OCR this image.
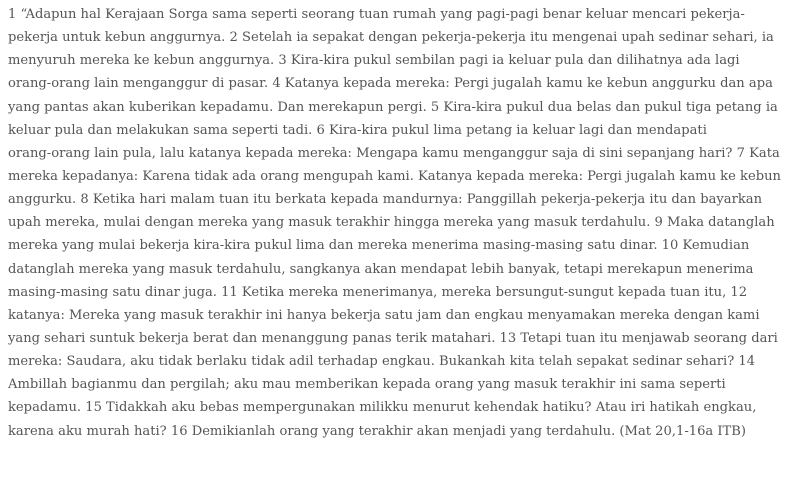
1 “Adapun hal Kerajaan Sorga sama seperti seorang tuan rumah yang pagi-pagi benar keluar mencari pekerja-
pekerja untuk kebun anggurnya. 2 Setelah ia sepakat dengan pekerja-pekerja itu mengenai upah sedinar sehari, ia
menyuruh mereka ke kebun anggurnya. 3 Kira-kira pukul sembilan pagi ia keluar pula dan dilihatnya ada lagi
orang-orang lain menganggur di pasar. 4 Katanya kepada mereka: Pergi jugalah kamu ke kebun anggurku dan apa
yang pantas akan kuberikan kepadamu. Dan merekapun pergi. 5 Kira-kira pukul dua belas dan pukul tiga petang ia
keluar pula dan melakukan sama seperti tadi. 6 Kira-kira pukul lima petang ia keluar lagi dan mendapati
orang-orang lain pula, lalu katanya kepada mereka: Mengapa kamu menganggur saja di sini sepanjang hari? 7 Kata
mereka kepadanya: Karena tidak ada orang mengupah kami. Katanya kepada mereka: Pergi jugalah kamu ke kebun
anggurku. 8 Ketika hari malam tuan itu berkata kepada mandurnya: Panggillah pekerja-pekerja itu dan bayarkan
upah mereka, mulai dengan mereka yang masuk terakhir hingga mereka yang masuk terdahulu. 9 Maka datanglah
mereka yang mulai bekerja kira-kira pukul lima dan mereka menerima masing-masing satu dinar. 10 Kemudian
datanglah mereka yang masuk terdahulu, sangkanya akan mendapat lebih banyak, tetapi merekapun menerima
masing-masing satu dinar juga. 11 Ketika mereka menerimanya, mereka bersungut-sungut kepada tuan itu, 12
katanya: Mereka yang masuk terakhir ini hanya bekerja satu jam dan engkau menyamakan mereka dengan kami
yang sehari suntuk bekerja berat dan menanggung panas terik matahari. 13 Tetapi tuan itu menjawab seorang dari
mereka: Saudara, aku tidak berlaku tidak adil terhadap engkau. Bukankah kita telah sepakat sedinar sehari? 14
Ambillah bagianmu dan pergilah; aku mau memberikan kepada orang yang masuk terakhir ini sama seperti
kepadamu. 15 Tidakkah aku bebas mempergunakan milikku menurut kehendak hatiku? Atau iri hatikah engkau,
karena aku murah hati? 16 Demikianlah orang yang terakhir akan menjadi yang terdahulu. (Mat 20,1-16a ITB)
